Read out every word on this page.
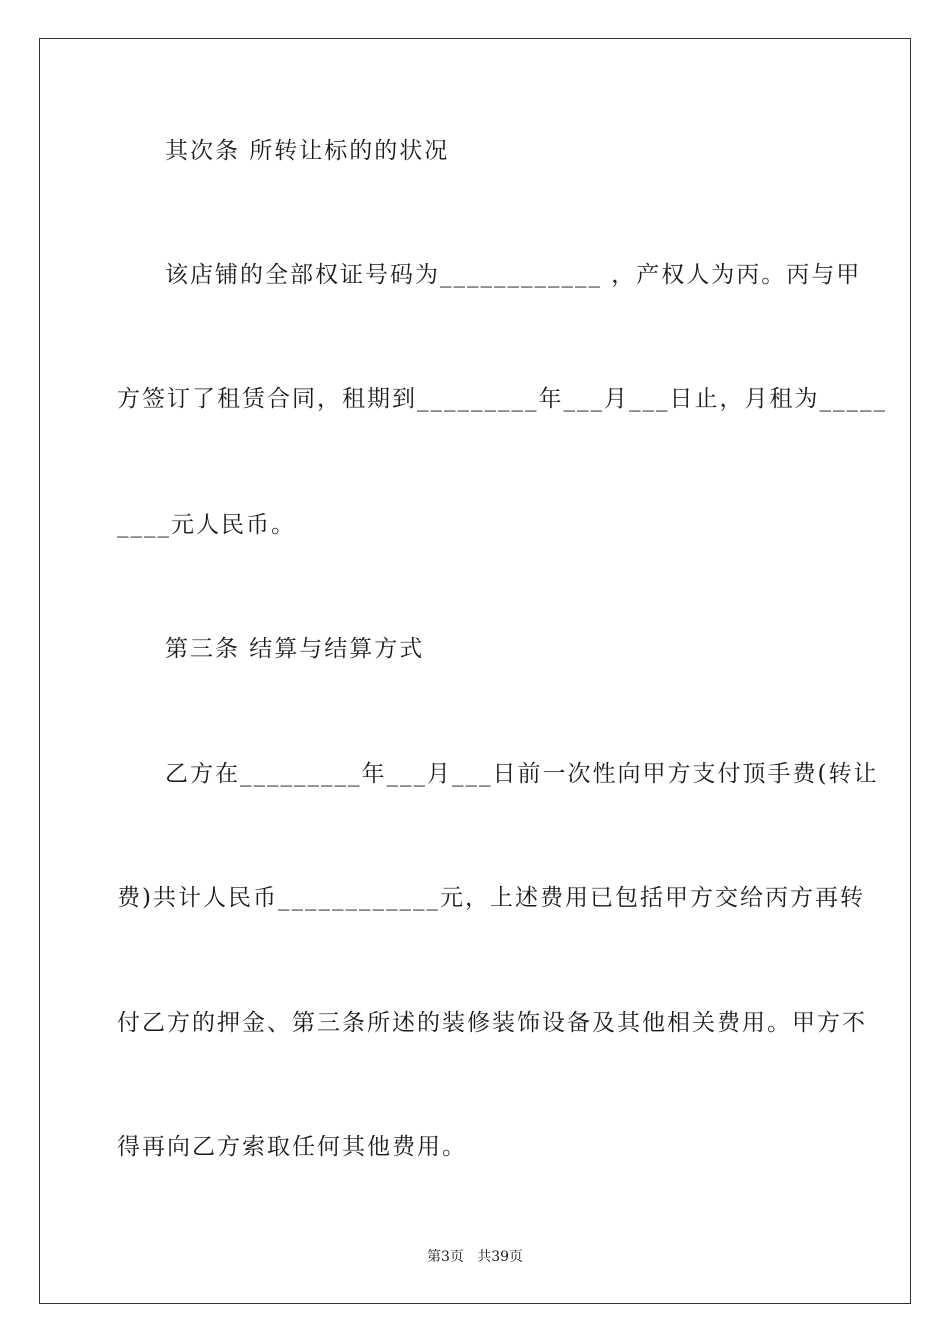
其次条 所转让标的的状况
该店铺的全部权证号码为____________ ，产权人为丙。丙与甲
方签订了租赁合同，租期到_________年___月___日止，月租为_____
____元人民币。
第三条 结算与结算方式
乙方在_________年___月___日前一次性向甲方支付顶手费(转让
费)共计人民币____________元，上述费用已包括甲方交给丙方再转
付乙方的押金、第三条所述的装修装饰设备及其他相关费用。甲方不
得再向乙方索取任何其他费用。
第3页   共39页
